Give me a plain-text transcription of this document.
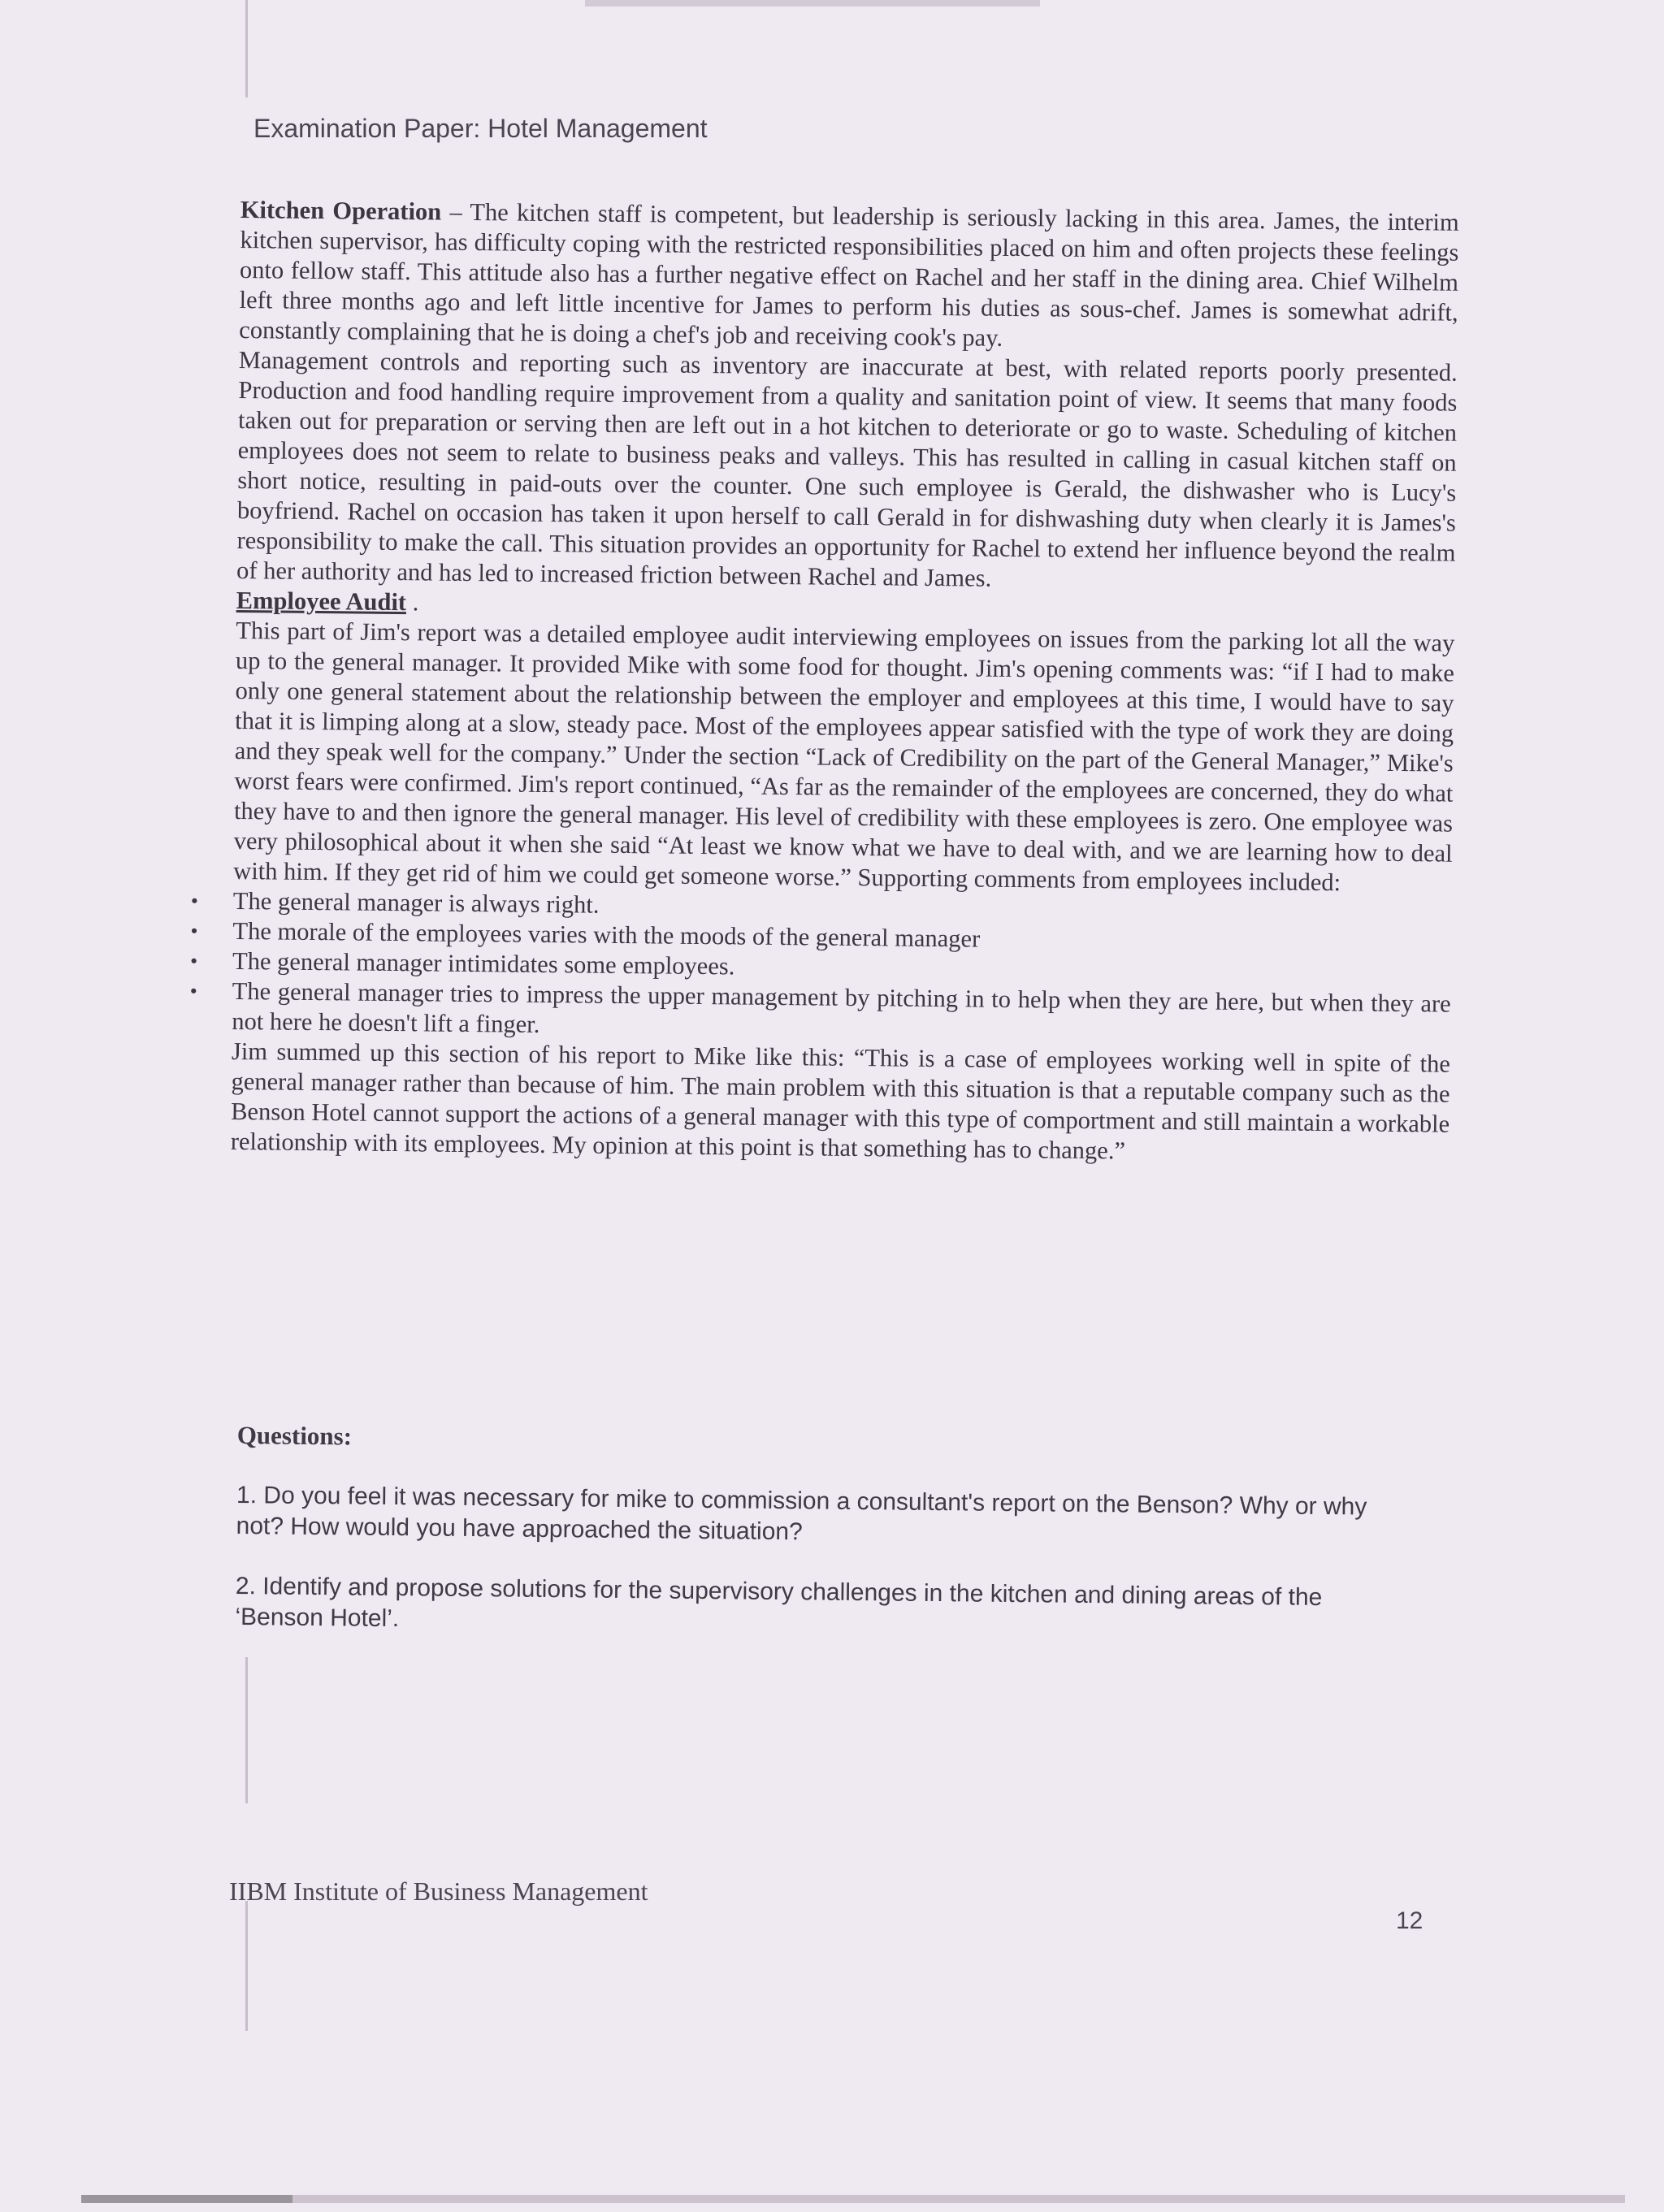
Examination Paper: Hotel Management

Kitchen Operation – The kitchen staff is competent, but leadership is seriously lacking in this area. James, the interim kitchen supervisor, has difficulty coping with the restricted responsibilities placed on him and often projects these feelings onto fellow staff. This attitude also has a further negative effect on Rachel and her staff in the dining area. Chief Wilhelm left three months ago and left little incentive for James to perform his duties as sous-chef. James is somewhat adrift, constantly complaining that he is doing a chef's job and receiving cook's pay.

Management controls and reporting such as inventory are inaccurate at best, with related reports poorly presented. Production and food handling require improvement from a quality and sanitation point of view. It seems that many foods taken out for preparation or serving then are left out in a hot kitchen to deteriorate or go to waste. Scheduling of kitchen employees does not seem to relate to business peaks and valleys. This has resulted in calling in casual kitchen staff on short notice, resulting in paid-outs over the counter. One such employee is Gerald, the dishwasher who is Lucy's boyfriend. Rachel on occasion has taken it upon herself to call Gerald in for dishwashing duty when clearly it is James's responsibility to make the call. This situation provides an opportunity for Rachel to extend her influence beyond the realm of her authority and has led to increased friction between Rachel and James.

Employee Audit .

This part of Jim's report was a detailed employee audit interviewing employees on issues from the parking lot all the way up to the general manager. It provided Mike with some food for thought. Jim's opening comments was: “if I had to make only one general statement about the relationship between the employer and employees at this time, I would have to say that it is limping along at a slow, steady pace. Most of the employees appear satisfied with the type of work they are doing and they speak well for the company.” Under the section “Lack of Credibility on the part of the General Manager,” Mike's worst fears were confirmed. Jim's report continued, “As far as the remainder of the employees are concerned, they do what they have to and then ignore the general manager. His level of credibility with these employees is zero. One employee was very philosophical about it when she said “At least we know what we have to deal with, and we are learning how to deal with him. If they get rid of him we could get someone worse.” Supporting comments from employees included:

• The general manager is always right.
• The morale of the employees varies with the moods of the general manager
• The general manager intimidates some employees.
• The general manager tries to impress the upper management by pitching in to help when they are here, but when they are not here he doesn't lift a finger.

Jim summed up this section of his report to Mike like this: “This is a case of employees working well in spite of the general manager rather than because of him. The main problem with this situation is that a reputable company such as the Benson Hotel cannot support the actions of a general manager with this type of comportment and still maintain a workable relationship with its employees. My opinion at this point is that something has to change.”

Questions:
1. Do you feel it was necessary for mike to commission a consultant's report on the Benson? Why or why not? How would you have approached the situation?
2. Identify and propose solutions for the supervisory challenges in the kitchen and dining areas of the ‘Benson Hotel’.
IIBM Institute of Business Management
12
